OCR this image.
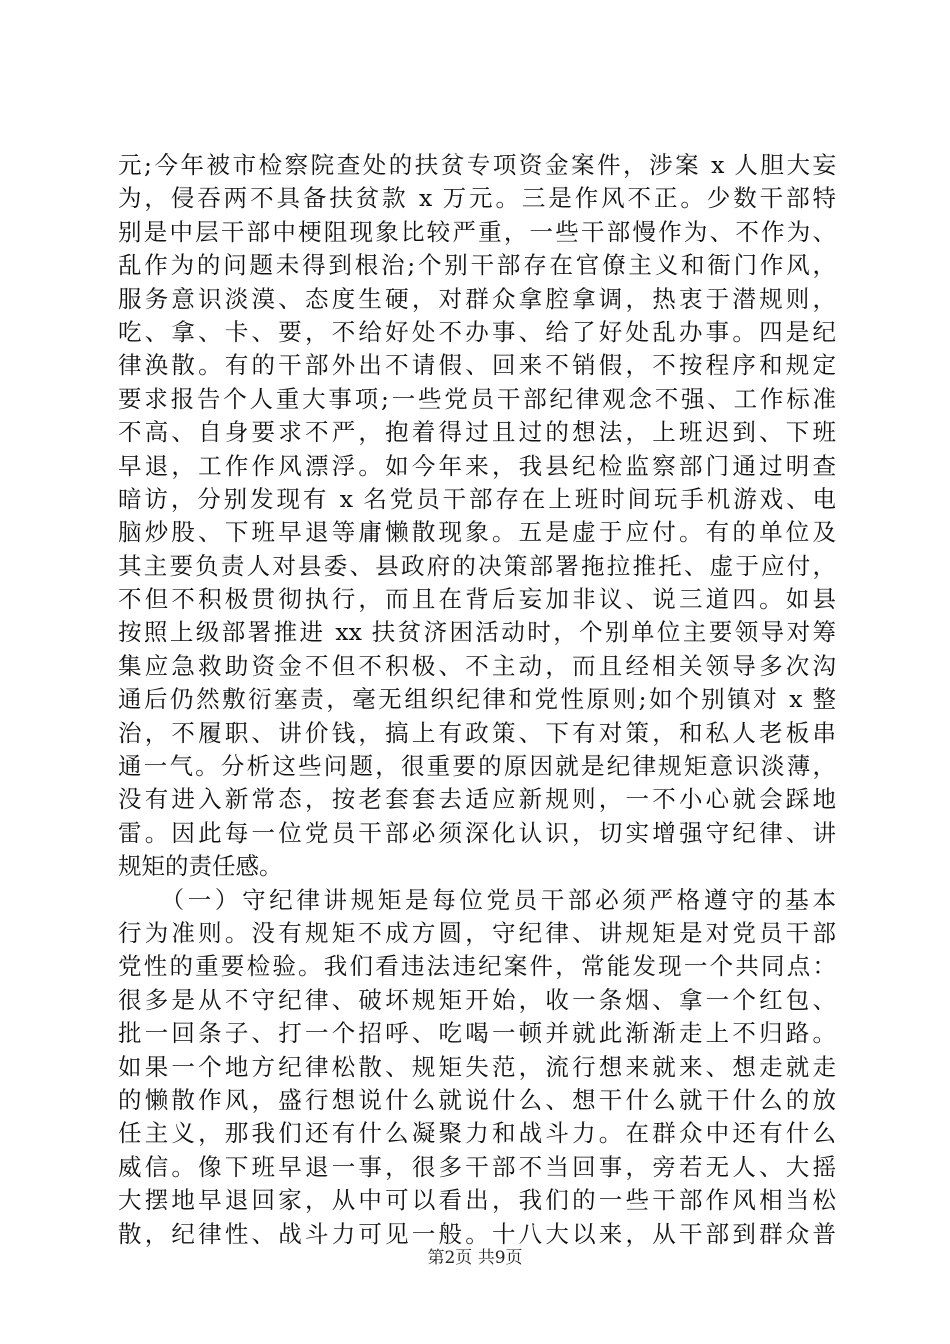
元;今年被市检察院查处的扶贫专项资金案件，涉案 x 人胆大妄
为，侵吞两不具备扶贫款 x 万元。三是作风不正。少数干部特
别是中层干部中梗阻现象比较严重，一些干部慢作为、不作为、
乱作为的问题未得到根治;个别干部存在官僚主义和衙门作风，
服务意识淡漠、态度生硬，对群众拿腔拿调，热衷于潜规则，
吃、拿、卡、要，不给好处不办事、给了好处乱办事。四是纪
律涣散。有的干部外出不请假、回来不销假，不按程序和规定
要求报告个人重大事项;一些党员干部纪律观念不强、工作标准
不高、自身要求不严，抱着得过且过的想法，上班迟到、下班
早退，工作作风漂浮。如今年来，我县纪检监察部门通过明查
暗访，分别发现有 x 名党员干部存在上班时间玩手机游戏、电
脑炒股、下班早退等庸懒散现象。五是虚于应付。有的单位及
其主要负责人对县委、县政府的决策部署拖拉推托、虚于应付，
不但不积极贯彻执行，而且在背后妄加非议、说三道四。如县
按照上级部署推进 xx 扶贫济困活动时，个别单位主要领导对筹
集应急救助资金不但不积极、不主动，而且经相关领导多次沟
通后仍然敷衍塞责，毫无组织纪律和党性原则;如个别镇对 x 整
治，不履职、讲价钱，搞上有政策、下有对策，和私人老板串
通一气。分析这些问题，很重要的原因就是纪律规矩意识淡薄，
没有进入新常态，按老套套去适应新规则，一不小心就会踩地
雷。因此每一位党员干部必须深化认识，切实增强守纪律、讲
规矩的责任感。
　　（一）守纪律讲规矩是每位党员干部必须严格遵守的基本
行为准则。没有规矩不成方圆，守纪律、讲规矩是对党员干部
党性的重要检验。我们看违法违纪案件，常能发现一个共同点：
很多是从不守纪律、破坏规矩开始，收一条烟、拿一个红包、
批一回条子、打一个招呼、吃喝一顿并就此渐渐走上不归路。
如果一个地方纪律松散、规矩失范，流行想来就来、想走就走
的懒散作风，盛行想说什么就说什么、想干什么就干什么的放
任主义，那我们还有什么凝聚力和战斗力。在群众中还有什么
威信。像下班早退一事，很多干部不当回事，旁若无人、大摇
大摆地早退回家，从中可以看出，我们的一些干部作风相当松
散，纪律性、战斗力可见一般。十八大以来，从干部到群众普
第2页 共9页
